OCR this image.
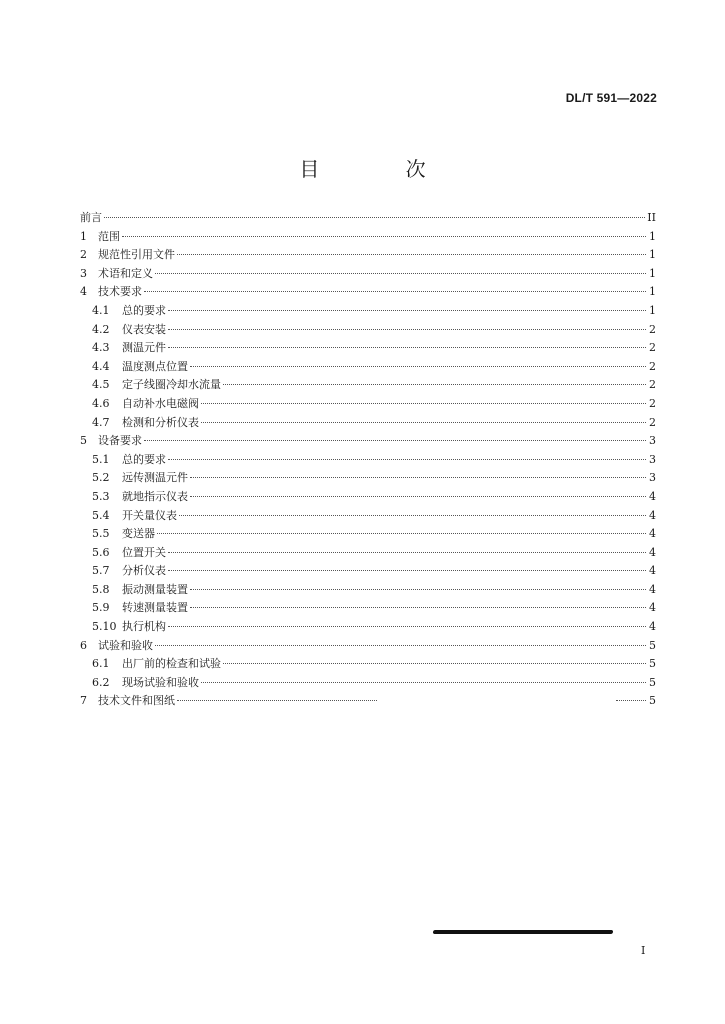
DL/T 591—2022
目 次
前言	II
1	范围	1
2	规范性引用文件	1
3	术语和定义	1
4	技术要求	1
4.1	总的要求	1
4.2	仪表安装	2
4.3	测温元件	2
4.4	温度测点位置	2
4.5	定子线圈冷却水流量	2
4.6	自动补水电磁阀	2
4.7	检测和分析仪表	2
5	设备要求	3
5.1	总的要求	3
5.2	远传测温元件	3
5.3	就地指示仪表	4
5.4	开关量仪表	4
5.5	变送器	4
5.6	位置开关	4
5.7	分析仪表	4
5.8	振动测量装置	4
5.9	转速测量装置	4
5.10 执行机构	4
6	试验和验收	5
6.1	出厂前的检查和试验	5
6.2	现场试验和验收	5
7	技术文件和图纸	5
I
